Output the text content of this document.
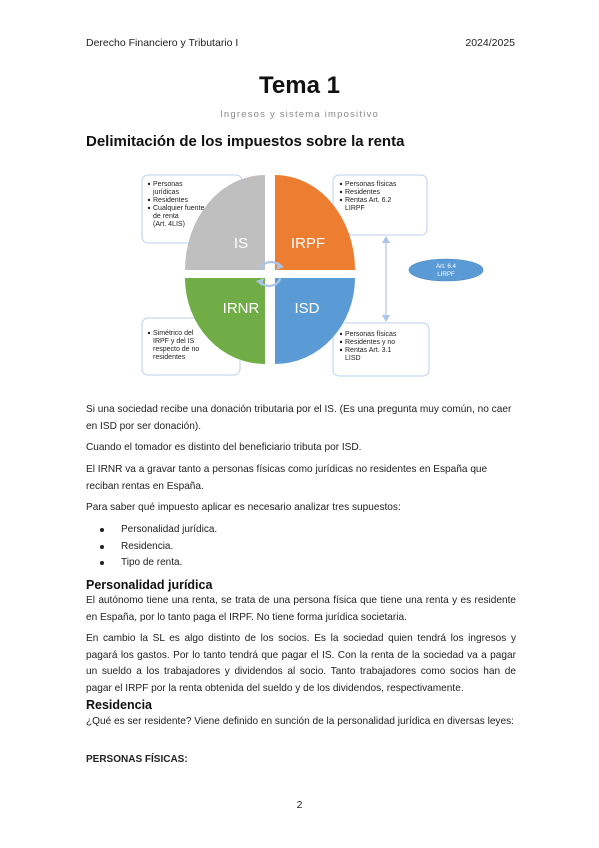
Derecho Financiero y Tributario I	2024/2025
Tema 1
Ingresos y sistema impositivo
Delimitación de los impuestos sobre la renta
IS	IRPF
IRNR ISD
Personas
jurídicas
Residentes
Cualquier fuente
de renta
(Art. 4LIS)
Personas físicas
Residentes
Rentas Art. 6.2
LIRPF
Simétrico del
IRPF y del IS
respecto de no
residentes
Personas físicas
Residentes y no
Rentas Art. 3.1
LISD
Art. 6.4
LIRPF
Si una sociedad recibe una donación tributaria por el IS. (Es una pregunta muy común, no caer en ISD por ser donación).
Cuando el tomador es distinto del beneficiario tributa por ISD.
El IRNR va a gravar tanto a personas físicas como jurídicas no residentes en España que reciban rentas en España.
Para saber qué impuesto aplicar es necesario analizar tres supuestos:
Personalidad jurídica.
Residencia.
Tipo de renta.
Personalidad jurídica
El autónomo tiene una renta, se trata de una persona física que tiene una renta y es residente en España, por lo tanto paga el IRPF. No tiene forma jurídica societaria.
En cambio la SL es algo distinto de los socios. Es la sociedad quien tendrá los ingresos y pagará los gastos. Por lo tanto tendrá que pagar el IS. Con la renta de la sociedad va a pagar un sueldo a los trabajadores y dividendos al socio. Tanto trabajadores como socios han de pagar el IRPF por la renta obtenida del sueldo y de los dividendos, respectivamente.
Residencia
¿Qué es ser residente? Viene definido en sunción de la personalidad jurídica en diversas leyes:
PERSONAS FÍSICAS:
2
